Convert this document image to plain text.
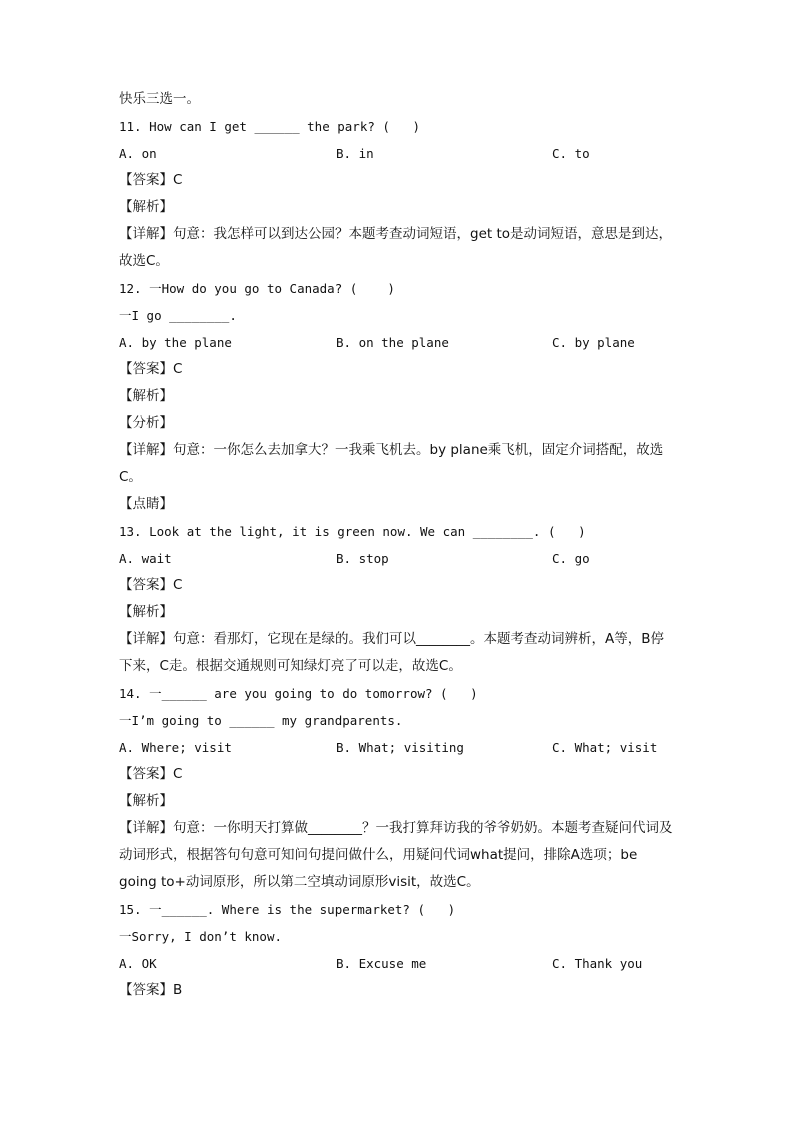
快乐三选一。
11. How can I get ______ the park? (   )

A. on

	B. in

	C. to

【答案】C
【解析】
【详解】句意：我怎样可以到达公园？本题考查动词短语，get to是动词短语，意思是到达，故选C。
12. 一How do you go to Canada? (    )
一I go ________.

A. by the plane

	B. on the plane

	C. by plane

【答案】C
【解析】
【分析】
【详解】句意：一你怎么去加拿大？一我乘飞机去。by plane乘飞机，固定介词搭配，故选C。
【点睛】
13. Look at the light, it is green now. We can ________. (   )

A. wait

	B. stop

	C. go

【答案】C
【解析】
【详解】句意：看那灯，它现在是绿的。我们可以________。本题考查动词辨析，A等，B停下来，C走。根据交通规则可知绿灯亮了可以走，故选C。
14. 一______ are you going to do tomorrow? (   )
一I’m going to ______ my grandparents.

A. Where; visit

	B. What; visiting

	C. What; visit

【答案】C
【解析】
【详解】句意：一你明天打算做________？一我打算拜访我的爷爷奶奶。本题考查疑问代词及动词形式，根据答句句意可知问句提问做什么，用疑问代词what提问，排除A选项；be going to+动词原形，所以第二空填动词原形visit，故选C。
15. 一______. Where is the supermarket? (   )
一Sorry, I don’t know.

A. OK

	B. Excuse me

	C. Thank you

【答案】B
